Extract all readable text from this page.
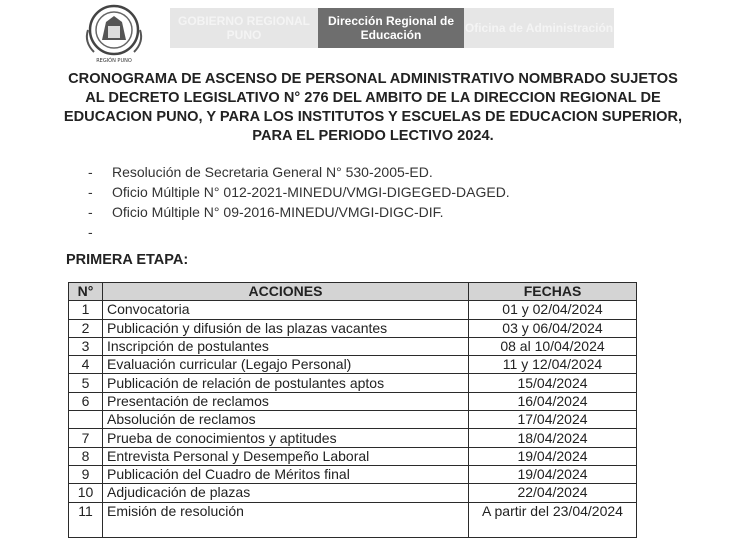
REGIÓN PUNO
GOBIERNO REGIONAL PUNO
Dirección Regional de Educación	Oficina de Administración
CRONOGRAMA DE ASCENSO DE PERSONAL ADMINISTRATIVO NOMBRADO SUJETOS AL DECRETO LEGISLATIVO N° 276 DEL AMBITO DE LA DIRECCION REGIONAL DE EDUCACION PUNO, Y PARA LOS INSTITUTOS Y ESCUELAS DE EDUCACION SUPERIOR, PARA EL PERIODO LECTIVO 2024.
- Resolución de Secretaria General N° 530-2005-ED.
- Oficio Múltiple N° 012-2021-MINEDU/VMGI-DIGEGED-DAGED.
- Oficio Múltiple N° 09-2016-MINEDU/VMGI-DIGC-DIF.
-
PRIMERA ETAPA:
N°	ACCIONES	FECHAS
1	Convocatoria	01 y 02/04/2024
2	Publicación y difusión de las plazas vacantes	03 y 06/04/2024
3	Inscripción de postulantes	08 al 10/04/2024
4	Evaluación curricular (Legajo Personal)	11 y 12/04/2024
5	Publicación de relación de postulantes aptos	15/04/2024
6	Presentación de reclamos	16/04/2024
	Absolución de reclamos	17/04/2024
7	Prueba de conocimientos y aptitudes	18/04/2024
8	Entrevista Personal y Desempeño Laboral	19/04/2024
9	Publicación del Cuadro de Méritos final	19/04/2024
10	Adjudicación de plazas	22/04/2024
11	Emisión de resolución	A partir del 23/04/2024
